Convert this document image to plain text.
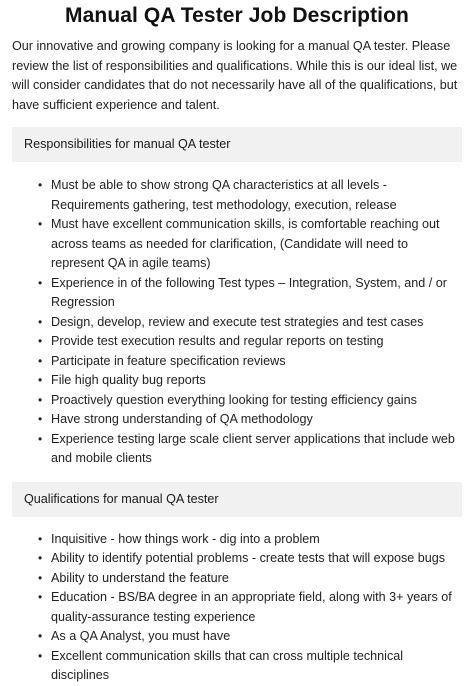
Manual QA Tester Job Description

Our innovative and growing company is looking for a manual QA tester. Please review the list of responsibilities and qualifications. While this is our ideal list, we will consider candidates that do not necessarily have all of the qualifications, but have sufficient experience and talent.

Responsibilities for manual QA tester
• Must be able to show strong QA characteristics at all levels - Requirements gathering, test methodology, execution, release
• Must have excellent communication skills, is comfortable reaching out across teams as needed for clarification, (Candidate will need to represent QA in agile teams)
• Experience in of the following Test types – Integration, System, and / or Regression
• Design, develop, review and execute test strategies and test cases
• Provide test execution results and regular reports on testing
• Participate in feature specification reviews
• File high quality bug reports
• Proactively question everything looking for testing efficiency gains
• Have strong understanding of QA methodology
• Experience testing large scale client server applications that include web and mobile clients
Qualifications for manual QA tester
• Inquisitive - how things work - dig into a problem
• Ability to identify potential problems - create tests that will expose bugs
• Ability to understand the feature
• Education - BS/BA degree in an appropriate field, along with 3+ years of quality-assurance testing experience
• As a QA Analyst, you must have
• Excellent communication skills that can cross multiple technical disciplines
